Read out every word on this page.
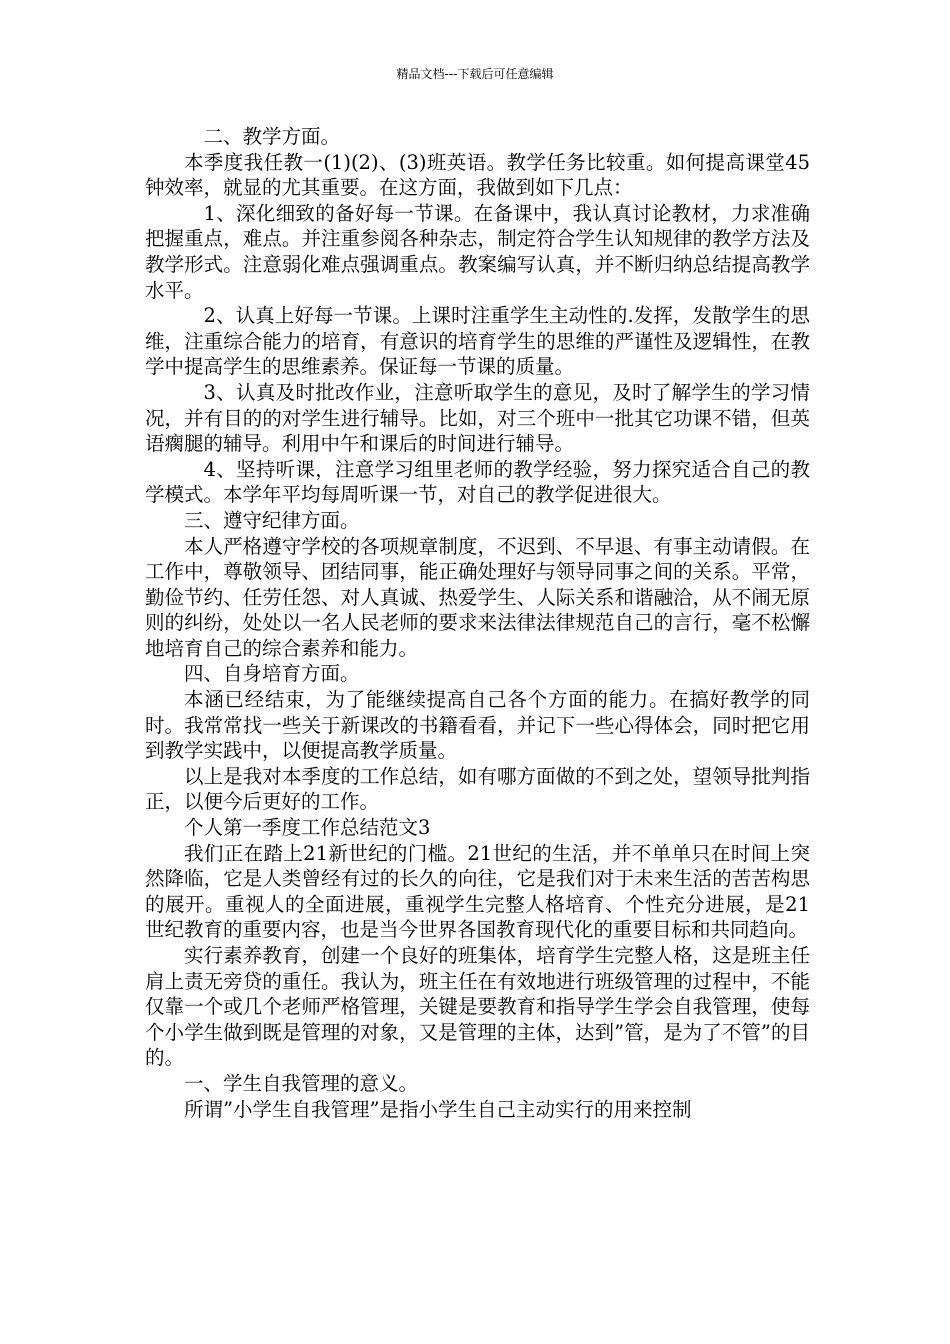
精品文档---下载后可任意编辑

二、教学方面。

本季度我任教一(1)(2)、(3)班英语。教学任务比较重。如何提高课堂45钟效率，就显的尤其重要。在这方面，我做到如下几点：

1、深化细致的备好每一节课。在备课中，我认真讨论教材，力求准确把握重点，难点。并注重参阅各种杂志，制定符合学生认知规律的教学方法及教学形式。注意弱化难点强调重点。教案编写认真，并不断归纳总结提高教学水平。

2、认真上好每一节课。上课时注重学生主动性的.发挥，发散学生的思维，注重综合能力的培育，有意识的培育学生的思维的严谨性及逻辑性，在教学中提高学生的思维素养。保证每一节课的质量。

3、认真及时批改作业，注意听取学生的意见，及时了解学生的学习情况，并有目的的对学生进行辅导。比如，对三个班中一批其它功课不错，但英语瘸腿的辅导。利用中午和课后的时间进行辅导。

4、坚持听课，注意学习组里老师的教学经验，努力探究适合自己的教学模式。本学年平均每周听课一节，对自己的教学促进很大。

三、遵守纪律方面。

本人严格遵守学校的各项规章制度，不迟到、不早退、有事主动请假。在工作中，尊敬领导、团结同事，能正确处理好与领导同事之间的关系。平常，勤俭节约、任劳任怨、对人真诚、热爱学生、人际关系和谐融洽，从不闹无原则的纠纷，处处以一名人民老师的要求来法律法律规范自己的言行，毫不松懈地培育自己的综合素养和能力。

四、自身培育方面。

本涵已经结束，为了能继续提高自己各个方面的能力。在搞好教学的同时。我常常找一些关于新课改的书籍看看，并记下一些心得体会，同时把它用到教学实践中，以便提高教学质量。

以上是我对本季度的工作总结，如有哪方面做的不到之处，望领导批判指正，以便今后更好的工作。

个人第一季度工作总结范文3

我们正在踏上21新世纪的门槛。21世纪的生活，并不单单只在时间上突然降临，它是人类曾经有过的长久的向往，它是我们对于未来生活的苦苦构思的展开。重视人的全面进展，重视学生完整人格培育、个性充分进展，是21世纪教育的重要内容，也是当今世界各国教育现代化的重要目标和共同趋向。

实行素养教育，创建一个良好的班集体，培育学生完整人格，这是班主任肩上责无旁贷的重任。我认为，班主任在有效地进行班级管理的过程中，不能仅靠一个或几个老师严格管理，关键是要教育和指导学生学会自我管理，使每个小学生做到既是管理的对象，又是管理的主体，达到”管，是为了不管”的目的。

一、学生自我管理的意义。

所谓”小学生自我管理”是指小学生自己主动实行的用来控制
